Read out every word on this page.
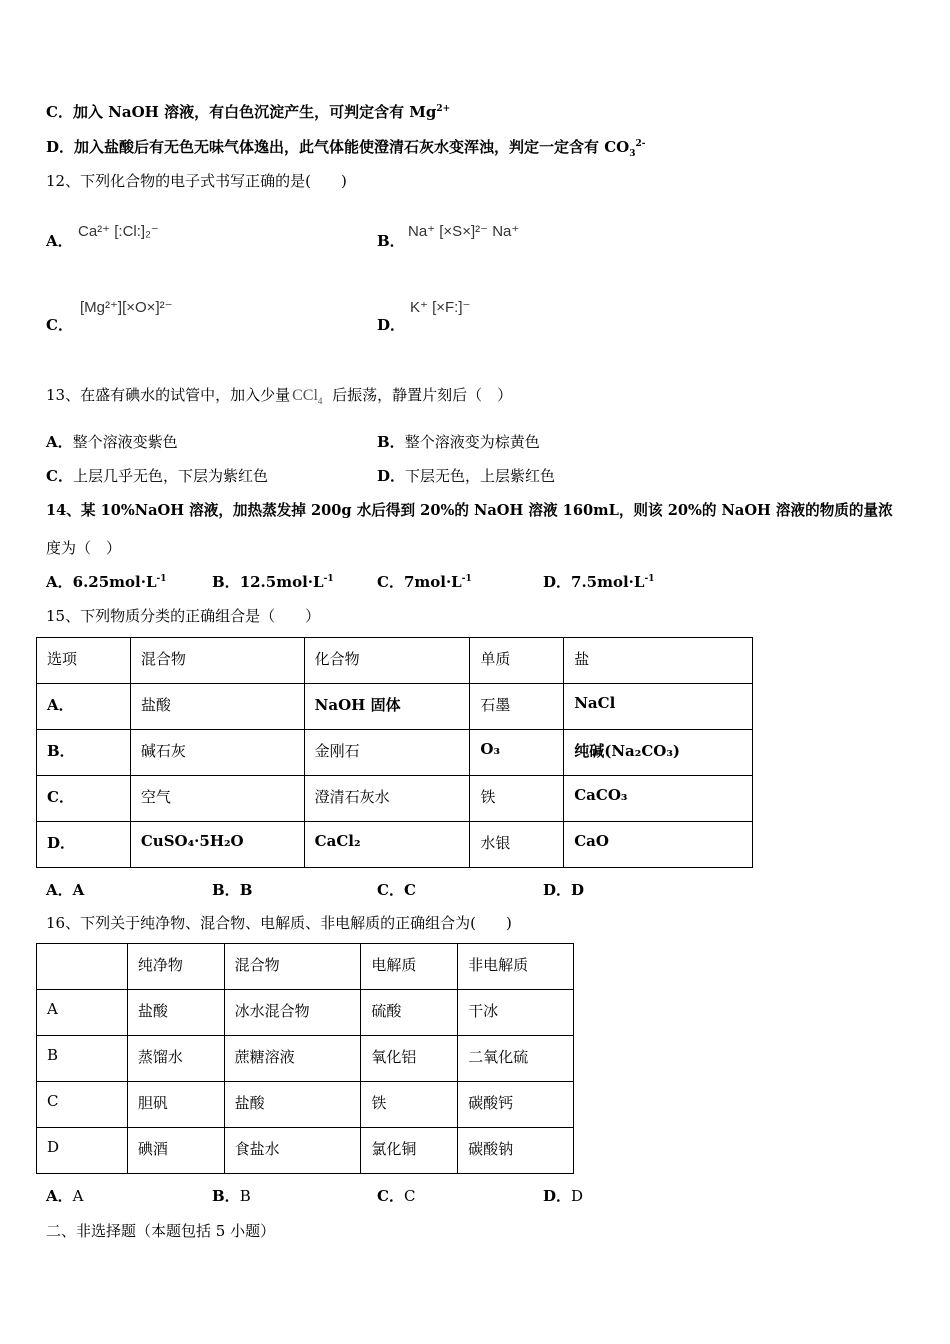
C．加入 NaOH 溶液，有白色沉淀产生，可判定含有 $Mg^{2+}$
D．加入盐酸后有无色无味气体逸出，此气体能使澄清石灰水变浑浊，判定一定含有 $CO_3^{2-}$
12、下列化合物的电子式书写正确的是(　　)
A．
Ca²⁺ [:Cl:]₂⁻
B．
Na⁺ [×S×]²⁻ Na⁺
C．
[Mg²⁺][×O×]²⁻
D．
K⁺ [×F:]⁻
13、在盛有碘水的试管中，加入少量 CCl$_4$ 后振荡，静置片刻后（　）
A．整个溶液变紫色	B．整个溶液变为棕黄色
C．上层几乎无色，下层为紫红色	D．下层无色，上层紫红色
14、某 10%NaOH 溶液，加热蒸发掉 200g 水后得到 20%的 NaOH 溶液 160mL，则该 20%的 NaOH 溶液的物质的量浓
度为（　）
A．$6.25mol\cdot L^{-1}$	B．$12.5mol\cdot L^{-1}$	C．$7mol\cdot L^{-1}$	D．$7.5mol\cdot L^{-1}$
15、下列物质分类的正确组合是（　　）
选项	混合物	化合物	单质	盐
A．	盐酸	NaOH 固体	石墨	NaCl
B．	碱石灰	金刚石	O₃	纯碱(Na₂CO₃)
C．	空气	澄清石灰水	铁	CaCO₃
D．	CuSO₄·5H₂O	CaCl₂	水银	CaO
A．A	B．B	C．C	D．D
16、下列关于纯净物、混合物、电解质、非电解质的正确组合为(　　)
	纯净物	混合物	电解质	非电解质
A	盐酸	冰水混合物	硫酸	干冰
B	蒸馏水	蔗糖溶液	氧化铝	二氧化硫
C	胆矾	盐酸	铁	碳酸钙
D	碘酒	食盐水	氯化铜	碳酸钠
A．A	B．B	C．C	D．D
二、非选择题（本题包括 5 小题）
